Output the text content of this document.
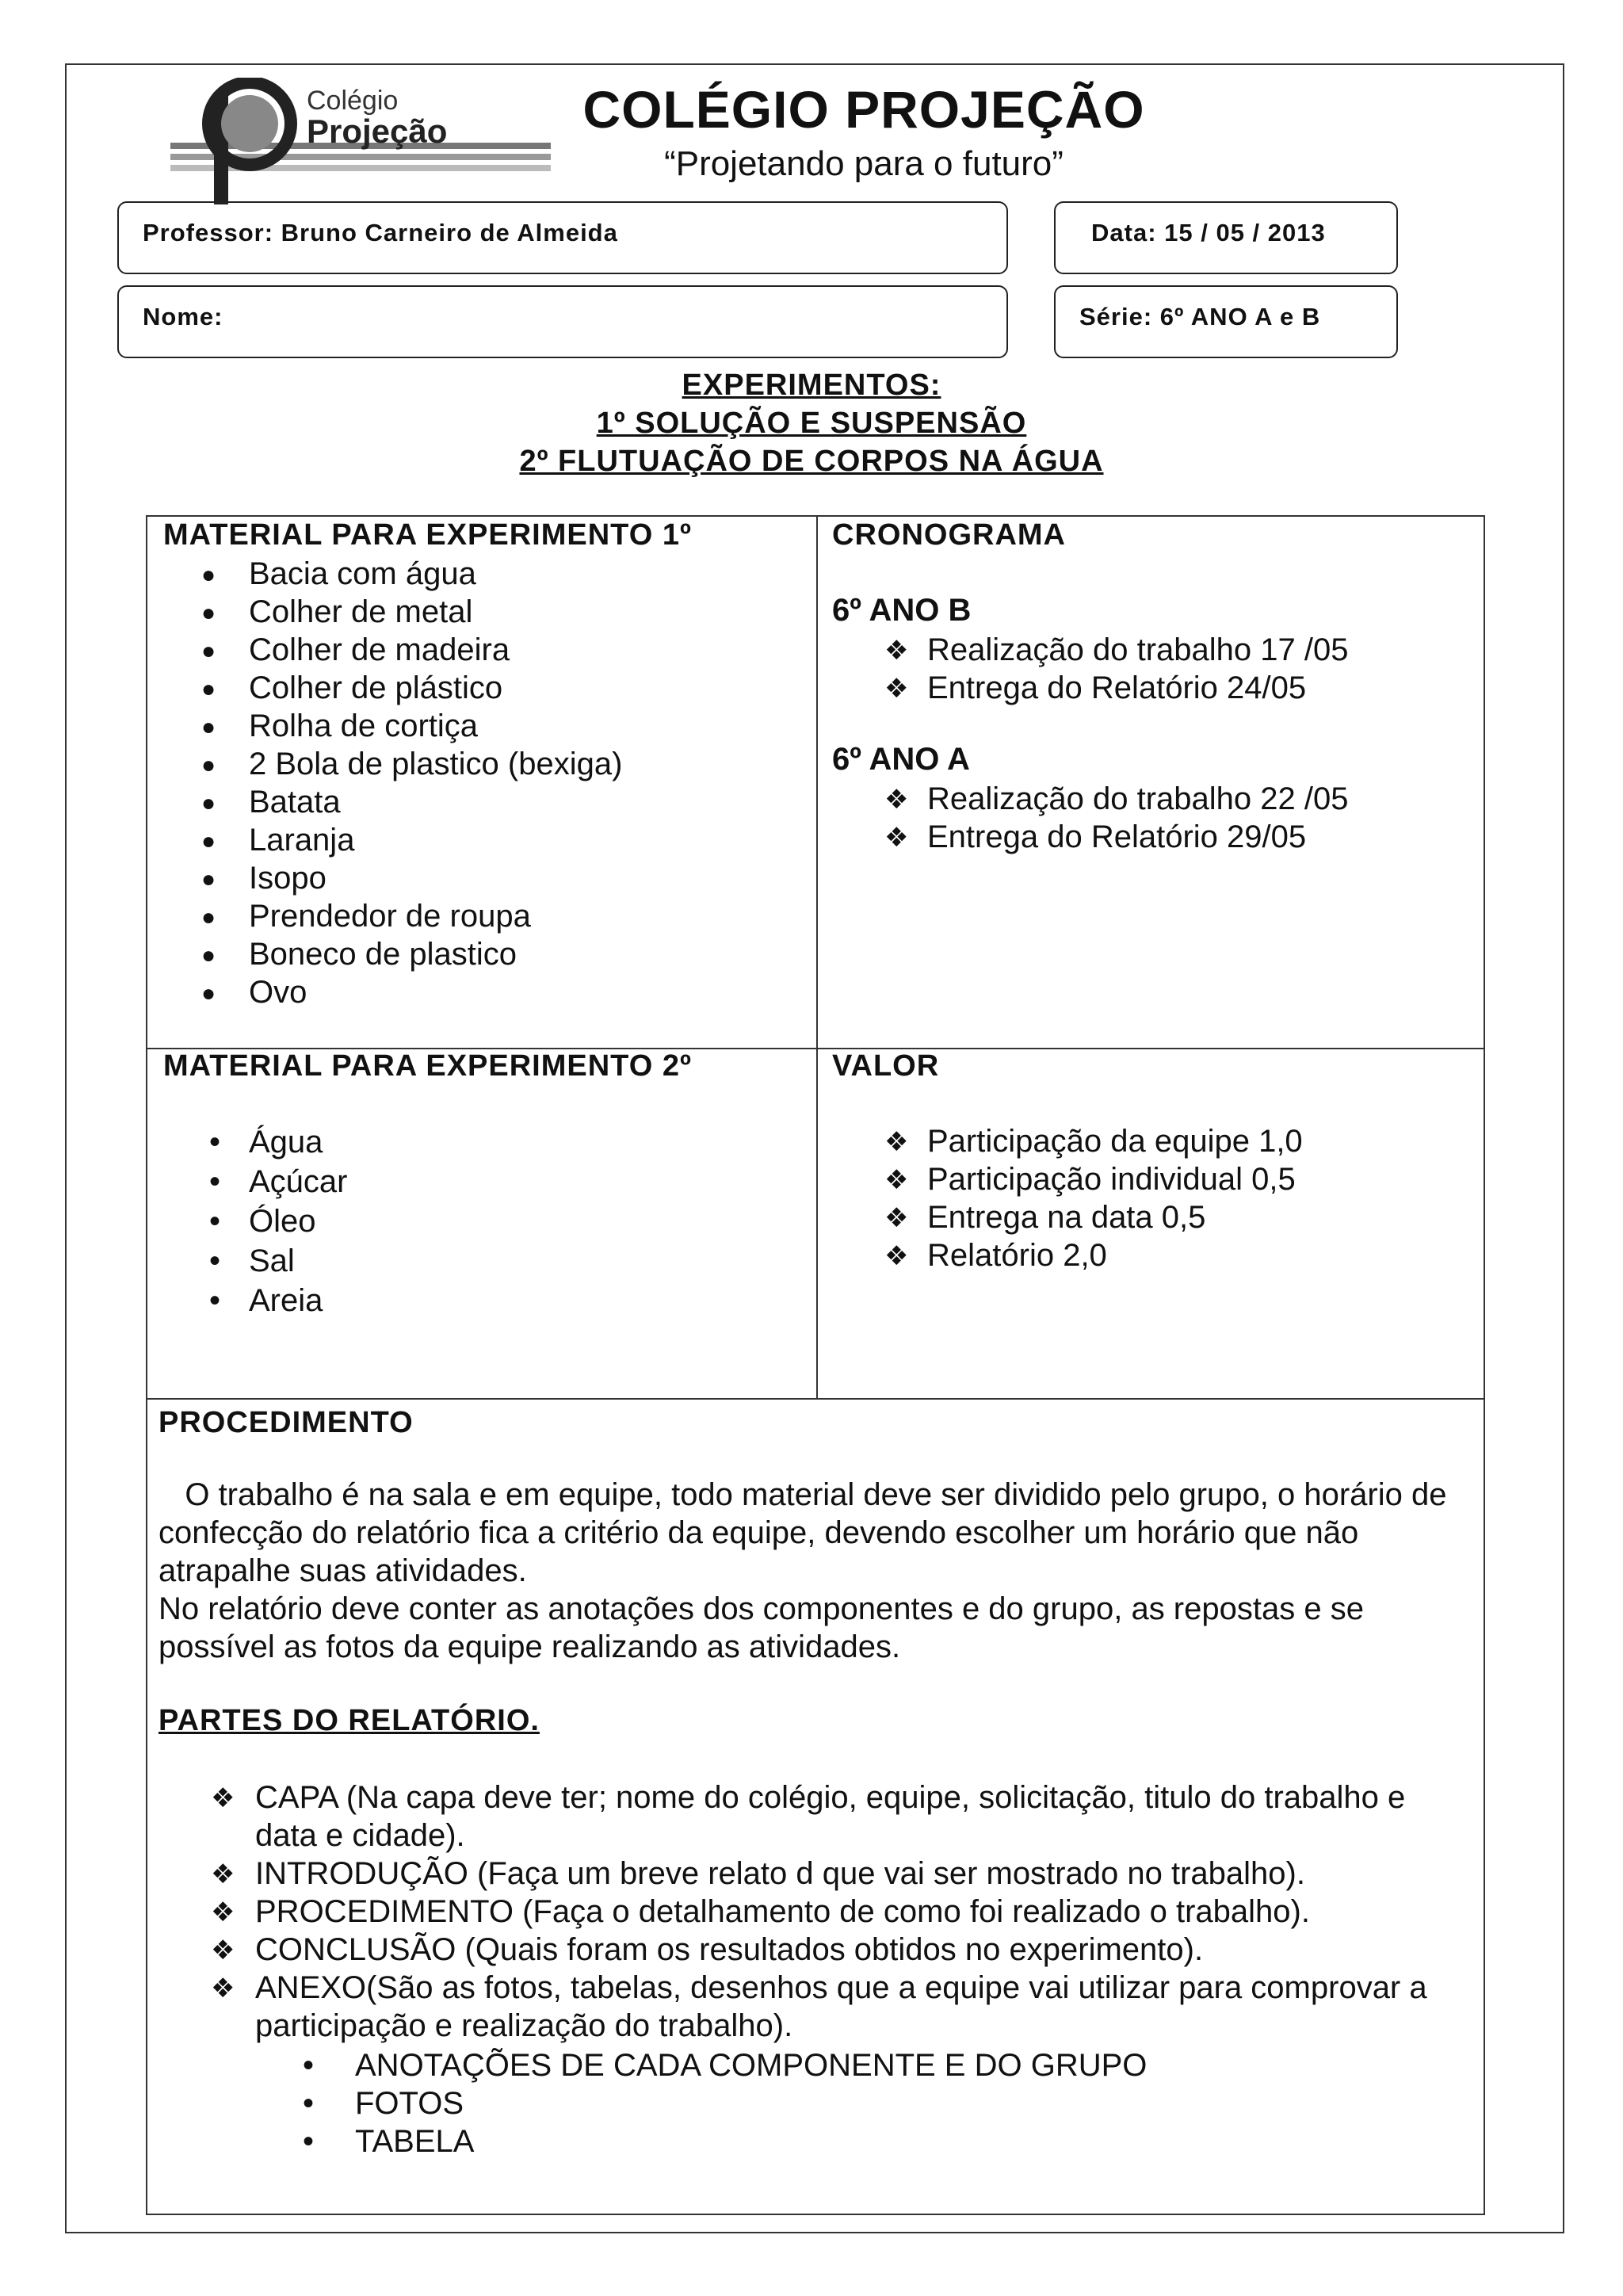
Colégio
Projeção	COLÉGIO PROJEÇÃO
“Projetando para o futuro”
Professor: Bruno Carneiro de Almeida	Data: 15 / 05 / 2013
Nome:	Série: 6º ANO A e B
EXPERIMENTOS:
1º SOLUÇÃO E SUSPENSÃO
2º FLUTUAÇÃO DE CORPOS NA ÁGUA
MATERIAL PARA EXPERIMENTO 1º
● Bacia com água
● Colher de metal
● Colher de madeira
● Colher de plástico
● Rolha de cortiça
● 2 Bola de plastico (bexiga)
● Batata
● Laranja
● Isopo
● Prendedor de roupa
● Boneco de plastico
● Ovo
CRONOGRAMA
6º ANO B
❖ Realização do trabalho 17 /05
❖ Entrega do Relatório 24/05
6º ANO A
❖ Realização do trabalho 22 /05
❖ Entrega do Relatório 29/05
MATERIAL PARA EXPERIMENTO 2º
• Água
• Açúcar
• Óleo
• Sal
• Areia
VALOR
❖ Participação da equipe 1,0
❖ Participação individual 0,5
❖ Entrega na data 0,5
❖ Relatório 2,0
PROCEDIMENTO
O trabalho é na sala e em equipe, todo material deve ser dividido pelo grupo, o horário de confecção do relatório fica a critério da equipe, devendo escolher um horário que não atrapalhe suas atividades.
No relatório deve conter as anotações dos componentes e do grupo, as repostas e se possível as fotos da equipe realizando as atividades.
PARTES DO RELATÓRIO.
❖ CAPA (Na capa deve ter; nome do colégio, equipe, solicitação, titulo do trabalho e data e cidade).
❖ INTRODUÇÃO (Faça um breve relato d que vai ser mostrado no trabalho).
❖ PROCEDIMENTO (Faça o detalhamento de como foi realizado o trabalho).
❖ CONCLUSÃO (Quais foram os resultados obtidos no experimento).
❖ ANEXO(São as fotos, tabelas, desenhos que a equipe vai utilizar para comprovar a participação e realização do trabalho).
• ANOTAÇÕES DE CADA COMPONENTE E DO GRUPO
• FOTOS
• TABELA
